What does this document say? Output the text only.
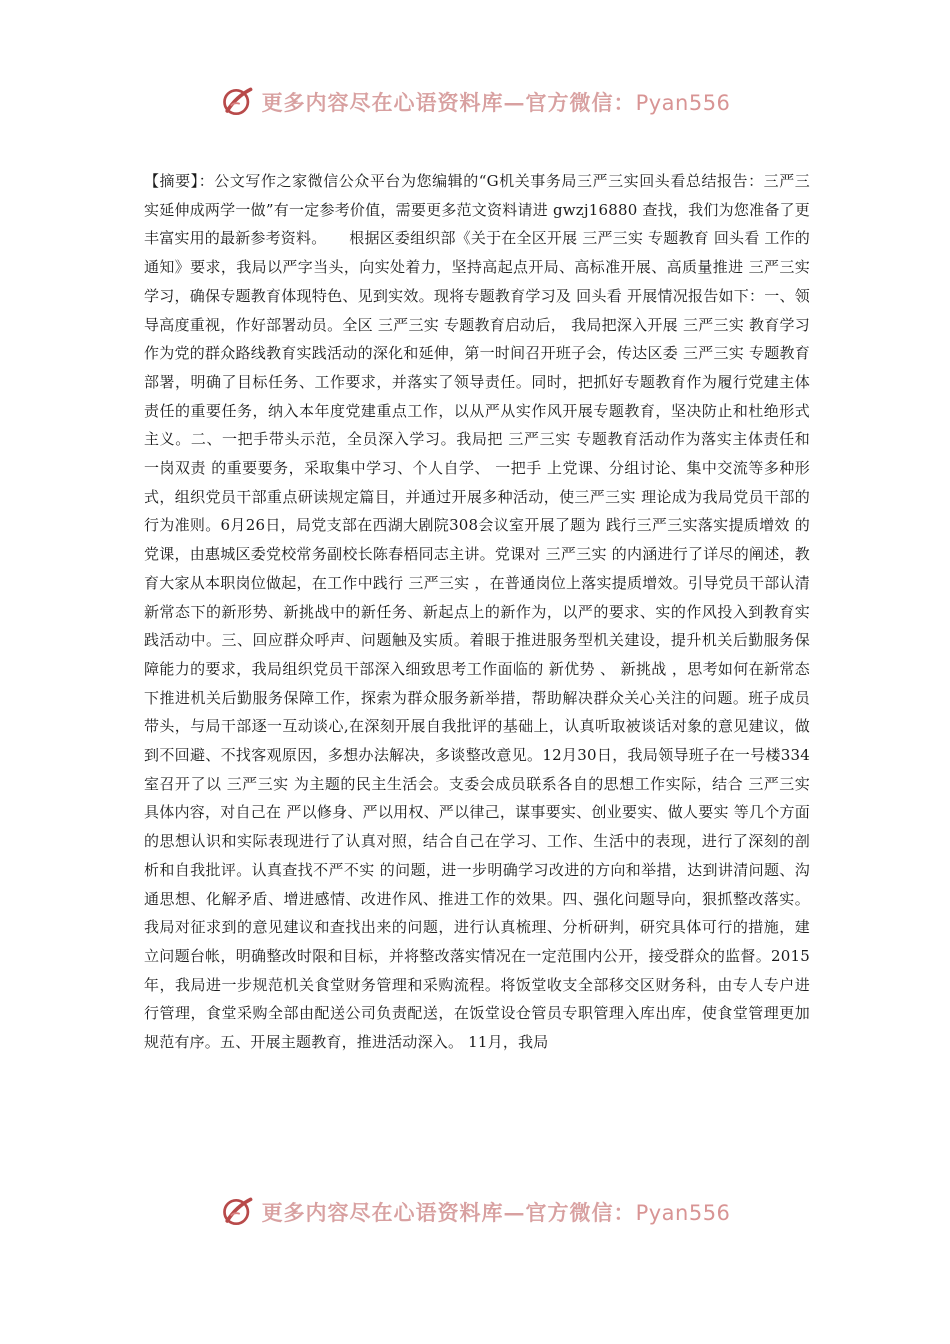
更多内容尽在心语资料库—官方微信：Pyan556

【摘要】：公文写作之家微信公众平台为您编辑的“G机关事务局三严三实回头看总结报告：三严三实延伸成两学一做”有一定参考价值，需要更多范文资料请进 gwzj16880 查找，我们为您准备了更丰富实用的最新参考资料。　　根据区委组织部《关于在全区开展 三严三实 专题教育 回头看 工作的通知》要求，我局以严字当头，向实处着力，坚持高起点开局、高标准开展、高质量推进 三严三实 学习，确保专题教育体现特色、见到实效。现将专题教育学习及 回头看 开展情况报告如下：一、领导高度重视，作好部署动员。全区 三严三实 专题教育启动后， 我局把深入开展 三严三实 教育学习作为党的群众路线教育实践活动的深化和延伸，第一时间召开班子会，传达区委 三严三实 专题教育部署，明确了目标任务、工作要求，并落实了领导责任。同时，把抓好专题教育作为履行党建主体责任的重要任务，纳入本年度党建重点工作，以从严从实作风开展专题教育，坚决防止和杜绝形式主义。二、一把手带头示范，全员深入学习。我局把 三严三实 专题教育活动作为落实主体责任和 一岗双责 的重要要务，采取集中学习、个人自学、 一把手 上党课、分组讨论、集中交流等多种形式，组织党员干部重点研读规定篇目，并通过开展多种活动，使三严三实 理论成为我局党员干部的行为准则。6月26日，局党支部在西湖大剧院308会议室开展了题为 践行三严三实落实提质增效 的党课，由惠城区委党校常务副校长陈春梧同志主讲。党课对 三严三实 的内涵进行了详尽的阐述，教育大家从本职岗位做起，在工作中践行 三严三实 ，在普通岗位上落实提质增效。引导党员干部认清新常态下的新形势、新挑战中的新任务、新起点上的新作为，以严的要求、实的作风投入到教育实践活动中。三、回应群众呼声、问题触及实质。着眼于推进服务型机关建设，提升机关后勤服务保障能力的要求，我局组织党员干部深入细致思考工作面临的 新优势 、 新挑战 ，思考如何在新常态下推进机关后勤服务保障工作，探索为群众服务新举措，帮助解决群众关心关注的问题。班子成员带头，与局干部逐一互动谈心,在深刻开展自我批评的基础上，认真听取被谈话对象的意见建议，做到不回避、不找客观原因，多想办法解决，多谈整改意见。12月30日，我局领导班子在一号楼334室召开了以 三严三实 为主题的民主生活会。支委会成员联系各自的思想工作实际，结合 三严三实 具体内容，对自己在 严以修身、严以用权、严以律己，谋事要实、创业要实、做人要实 等几个方面的思想认识和实际表现进行了认真对照，结合自己在学习、工作、生活中的表现，进行了深刻的剖析和自我批评。认真查找不严不实 的问题，进一步明确学习改进的方向和举措，达到讲清问题、沟通思想、化解矛盾、增进感情、改进作风、推进工作的效果。四、强化问题导向，狠抓整改落实。我局对征求到的意见建议和查找出来的问题，进行认真梳理、分析研判，研究具体可行的措施，建立问题台帐，明确整改时限和目标，并将整改落实情况在一定范围内公开，接受群众的监督。2015年，我局进一步规范机关食堂财务管理和采购流程。将饭堂收支全部移交区财务科，由专人专户进行管理，食堂采购全部由配送公司负责配送，在饭堂设仓管员专职管理入库出库，使食堂管理更加规范有序。五、开展主题教育，推进活动深入。 11月，我局

更多内容尽在心语资料库—官方微信：Pyan556
